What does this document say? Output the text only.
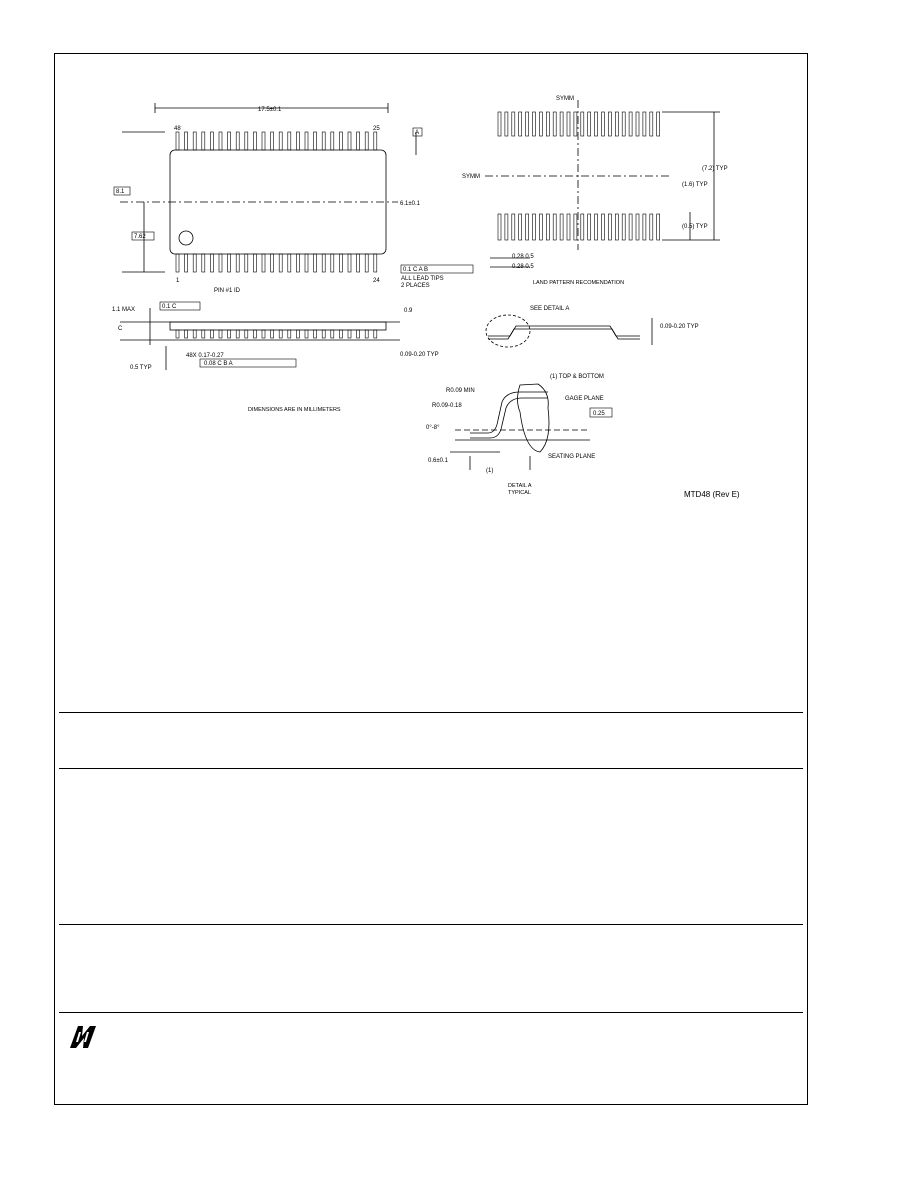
17.5±0.1
48	25
1	24
A
8.1
7.62
6.1±0.1
PIN #1 ID
0.1 C A B
ALL LEAD TIPS
2 PLACES
1.1 MAX	0.1 C
C
0.9
0.09-0.20 TYP
48X 0.17-0.27
0.08 C B A
0.5 TYP
DIMENSIONS ARE IN MILLIMETERS
SYMM
SYMM
(7.2) TYP
(1.6) TYP
(0.5) TYP
0.28 0.5
0.28 0.5
LAND PATTERN RECOMENDATION
SEE DETAIL A
0.09-0.20 TYP
(1) TOP & BOTTOM
R0.09 MIN
R0.09-0.18
GAGE PLANE
0.25
0°-8°
SEATING PLANE
0.6±0.1
(1)
DETAIL A
TYPICAL	MTD48 (Rev E)
